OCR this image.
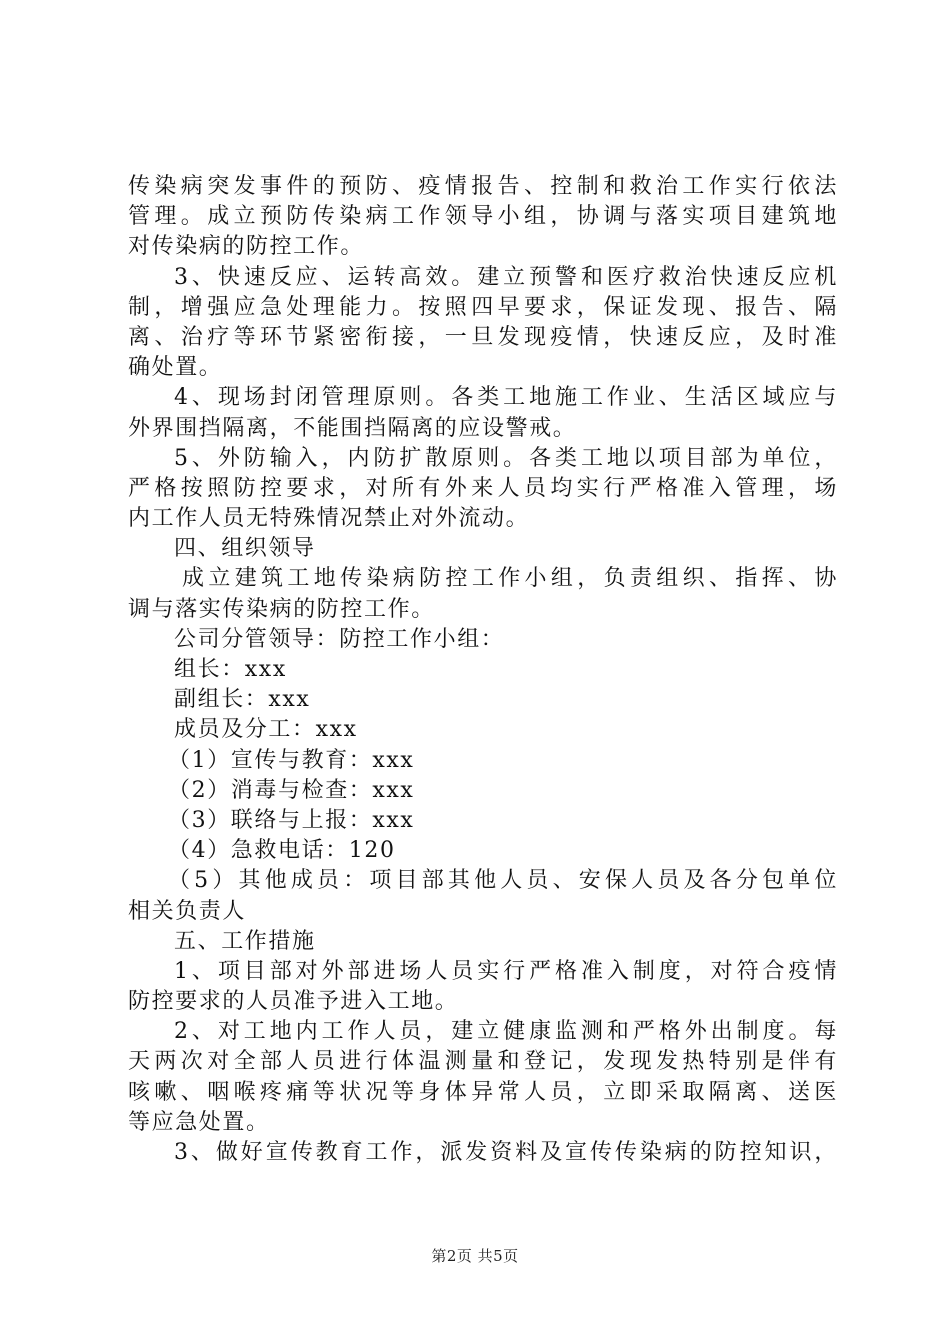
传染病突发事件的预防、疫情报告、控制和救治工作实行依法
管理。成立预防传染病工作领导小组，协调与落实项目建筑地
对传染病的防控工作。
3、快速反应、运转高效。建立预警和医疗救治快速反应机
制，增强应急处理能力。按照四早要求，保证发现、报告、隔
离、治疗等环节紧密衔接，一旦发现疫情，快速反应，及时准
确处置。
4、现场封闭管理原则。各类工地施工作业、生活区域应与
外界围挡隔离，不能围挡隔离的应设警戒。
5、外防输入，内防扩散原则。各类工地以项目部为单位，
严格按照防控要求，对所有外来人员均实行严格准入管理，场
内工作人员无特殊情况禁止对外流动。
四、组织领导
成立建筑工地传染病防控工作小组，负责组织、指挥、协
调与落实传染病的防控工作。
公司分管领导：防控工作小组：
组长：xxx
副组长：xxx
成员及分工：xxx
（1）宣传与教育：xxx
（2）消毒与检查：xxx
（3）联络与上报：xxx
（4）急救电话：120
（5）其他成员：项目部其他人员、安保人员及各分包单位
相关负责人
五、工作措施
1、项目部对外部进场人员实行严格准入制度，对符合疫情
防控要求的人员准予进入工地。
2、对工地内工作人员，建立健康监测和严格外出制度。每
天两次对全部人员进行体温测量和登记，发现发热特别是伴有
咳嗽、咽喉疼痛等状况等身体异常人员，立即采取隔离、送医
等应急处置。
3、做好宣传教育工作，派发资料及宣传传染病的防控知识，
第2页 共5页
